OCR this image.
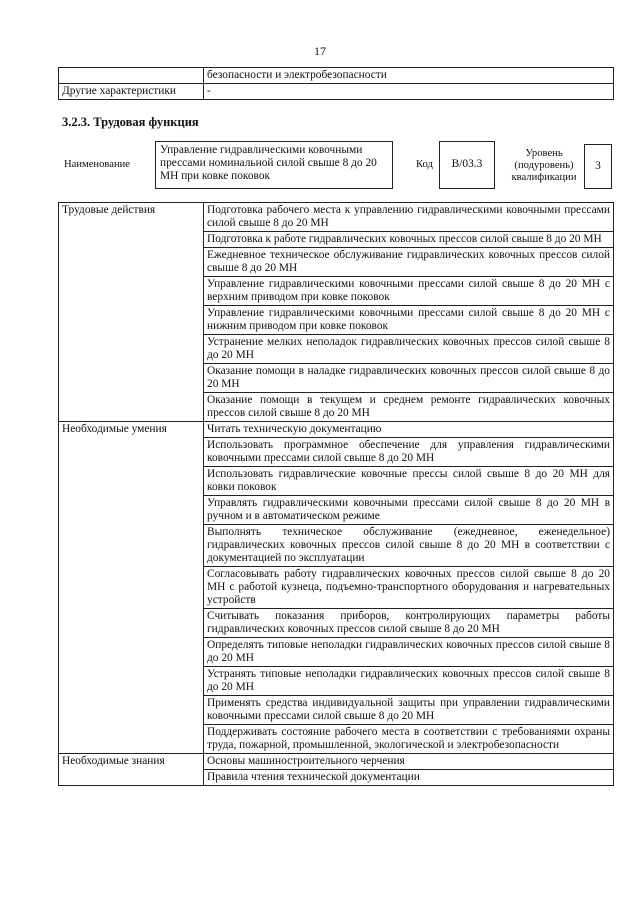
17
	безопасности и электробезопасности
Другие характеристики	-
3.2.3. Трудовая функция
Наименование
Управление гидравлическими ковочными прессами номинальной силой свыше 8 до 20 МН при ковке поковок
Код	B/03.3
Уровень (подуровень) квалификации
3
Трудовые действия	Подготовка рабочего места к управлению гидравлическими ковочными прессами силой свыше 8 до 20 МН
	Подготовка к работе гидравлических ковочных прессов силой свыше 8 до 20 МН
	Ежедневное техническое обслуживание гидравлических ковочных прессов силой свыше 8 до 20 МН
	Управление гидравлическими ковочными прессами силой свыше 8 до 20 МН с верхним приводом при ковке поковок
	Управление гидравлическими ковочными прессами силой свыше 8 до 20 МН с нижним приводом при ковке поковок
	Устранение мелких неполадок гидравлических ковочных прессов силой свыше 8 до 20 МН
	Оказание помощи в наладке гидравлических ковочных прессов силой свыше 8 до 20 МН
	Оказание помощи в текущем и среднем ремонте гидравлических ковочных прессов силой свыше 8 до 20 МН
Необходимые умения	Читать техническую документацию
	Использовать программное обеспечение для управления гидравлическими ковочными прессами силой свыше 8 до 20 МН
	Использовать гидравлические ковочные прессы силой свыше 8 до 20 МН для ковки поковок
	Управлять гидравлическими ковочными прессами силой свыше 8 до 20 МН в ручном и в автоматическом режиме
	Выполнять техническое обслуживание (ежедневное, еженедельное) гидравлических ковочных прессов силой свыше 8 до 20 МН в соответствии с документацией по эксплуатации
	Согласовывать работу гидравлических ковочных прессов силой свыше 8 до 20 МН с работой кузнеца, подъемно-транспортного оборудования и нагревательных устройств
	Считывать показания приборов, контролирующих параметры работы гидравлических ковочных прессов силой свыше 8 до 20 МН
	Определять типовые неполадки гидравлических ковочных прессов силой свыше 8 до 20 МН
	Устранять типовые неполадки гидравлических ковочных прессов силой свыше 8 до 20 МН
	Применять средства индивидуальной защиты при управлении гидравлическими ковочными прессами силой свыше 8 до 20 МН
	Поддерживать состояние рабочего места в соответствии с требованиями охраны труда, пожарной, промышленной, экологической и электробезопасности
Необходимые знания	Основы машиностроительного черчения
	Правила чтения технической документации
